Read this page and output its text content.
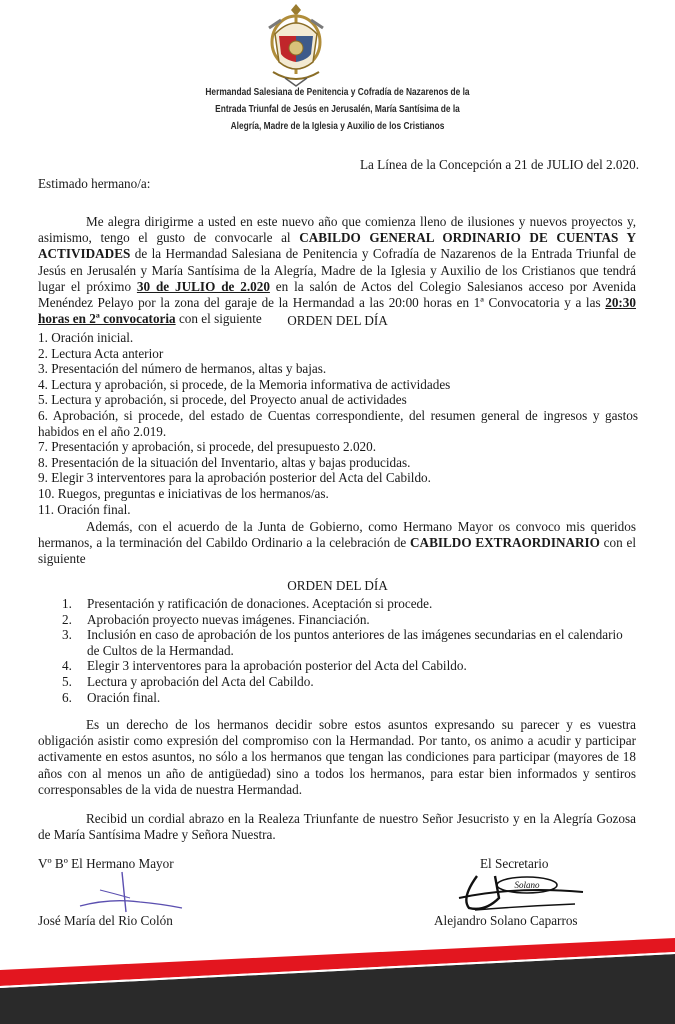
Hermandad Salesiana de Penitencia y Cofradía de Nazarenos de la
Entrada Triunfal de Jesús en Jerusalén, María Santísima de la
Alegría, Madre de la Iglesia y Auxilio de los Cristianos
La Línea de la Concepción a 21 de JULIO del 2.020.
Estimado hermano/a:
Me alegra dirigirme a usted en este nuevo año que comienza lleno de ilusiones y nuevos proyectos y, asimismo, tengo el gusto de convocarle al CABILDO GENERAL ORDINARIO DE CUENTAS Y ACTIVIDADES de la Hermandad Salesiana de Penitencia y Cofradía de Nazarenos de la Entrada Triunfal de Jesús en Jerusalén y María Santísima de la Alegría, Madre de la Iglesia y Auxilio de los Cristianos que tendrá lugar el próximo 30 de JULIO de 2.020 en la salón de Actos del Colegio Salesianos acceso por Avenida Menéndez Pelayo por la zona del garaje de la Hermandad a las 20:00 horas en 1ª Convocatoria y a las 20:30 horas en 2ª convocatoria con el siguiente	ORDEN DEL DÍA
1. Oración inicial.
2. Lectura Acta anterior
3. Presentación del número de hermanos, altas y bajas.
4. Lectura y aprobación, si procede, de la Memoria informativa de actividades
5. Lectura y aprobación, si procede, del Proyecto anual de actividades
6. Aprobación, si procede, del estado de Cuentas correspondiente, del resumen general de ingresos y gastos habidos en el año 2.019.
7. Presentación y aprobación, si procede, del presupuesto 2.020.
8. Presentación de la situación del Inventario, altas y bajas producidas.
9. Elegir 3 interventores para la aprobación posterior del Acta del Cabildo.
10. Ruegos, preguntas e iniciativas de los hermanos/as.
11. Oración final.
Además, con el acuerdo de la Junta de Gobierno, como Hermano Mayor os convoco mis queridos hermanos, a la terminación del Cabildo Ordinario a la celebración de CABILDO EXTRAORDINARIO con el siguiente
ORDEN DEL DÍA
1. Presentación y ratificación de donaciones. Aceptación si procede.
2. Aprobación proyecto nuevas imágenes. Financiación.
3. Inclusión en caso de aprobación de los puntos anteriores de las imágenes secundarias en el calendario de Cultos de la Hermandad.
4. Elegir 3 interventores para la aprobación posterior del Acta del Cabildo.
5. Lectura y aprobación del Acta del Cabildo.
6. Oración final.
Es un derecho de los hermanos decidir sobre estos asuntos expresando su parecer y es vuestra obligación asistir como expresión del compromiso con la Hermandad. Por tanto, os animo a acudir y participar activamente en estos asuntos, no sólo a los hermanos que tengan las condiciones para participar (mayores de 18 años con al menos un año de antigüedad) sino a todos los hermanos, para estar bien informados y sentiros corresponsables de la vida de nuestra Hermandad.
Recibid un cordial abrazo en la Realeza Triunfante de nuestro Señor Jesucristo y en la Alegría Gozosa de María Santísima Madre y Señora Nuestra.
Vº Bº El Hermano Mayor	El Secretario
Solano
José María del Rio Colón	Alejandro Solano Caparros
